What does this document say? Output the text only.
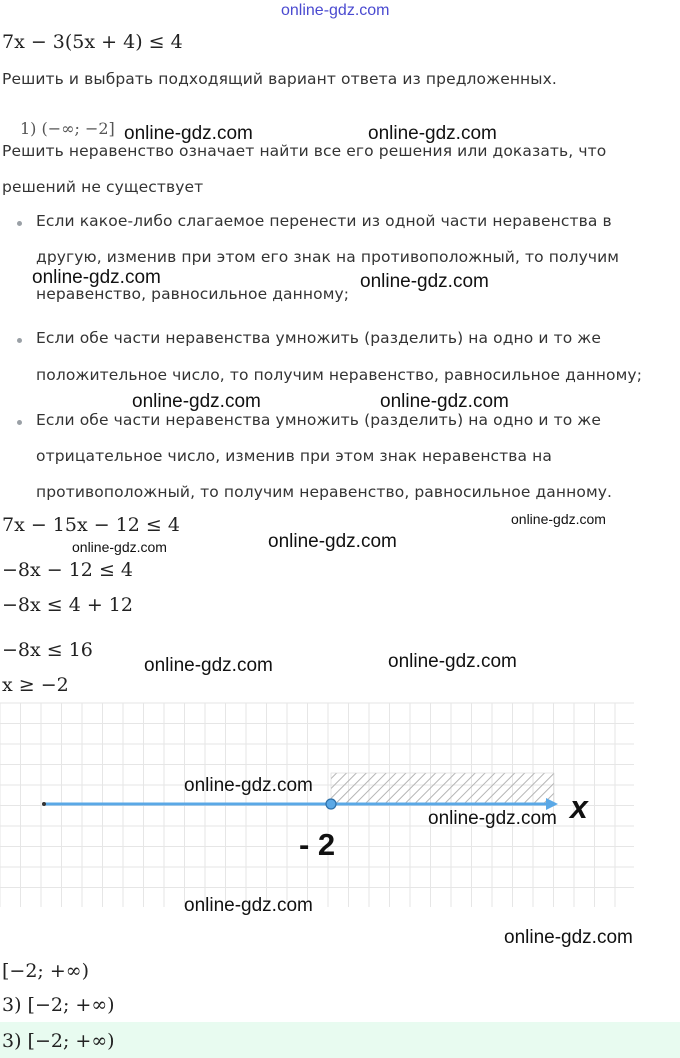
online-gdz.com
7x − 3(5x + 4) ≤ 4
Решить и выбрать подходящий вариант ответа из предложенных.
1) (−∞; −2]
Решить неравенство означает найти все его решения или доказать, что
решений не существует
Если какое-либо слагаемое перенести из одной части неравенства в
другую, изменив при этом его знак на противоположный, то получим
неравенство, равносильное данному;
Если обе части неравенства умножить (разделить) на одно и то же
положительное число, то получим неравенство, равносильное данному;
Если обе части неравенства умножить (разделить) на одно и то же
отрицательное число, изменив при этом знак неравенства на
противоположный, то получим неравенство, равносильное данному.
7x − 15x − 12 ≤ 4
−8x − 12 ≤ 4
−8x ≤ 4 + 12
−8x ≤ 16
x ≥ −2
- 2
x
[−2; +∞)
3) [−2; +∞)
3) [−2; +∞)
online-gdz.com	online-gdz.com
online-gdz.com	online-gdz.com
online-gdz.com	online-gdz.com
online-gdz.com
online-gdz.com	online-gdz.com
online-gdz.com	online-gdz.com
online-gdz.com
online-gdz.com
online-gdz.com
online-gdz.com
